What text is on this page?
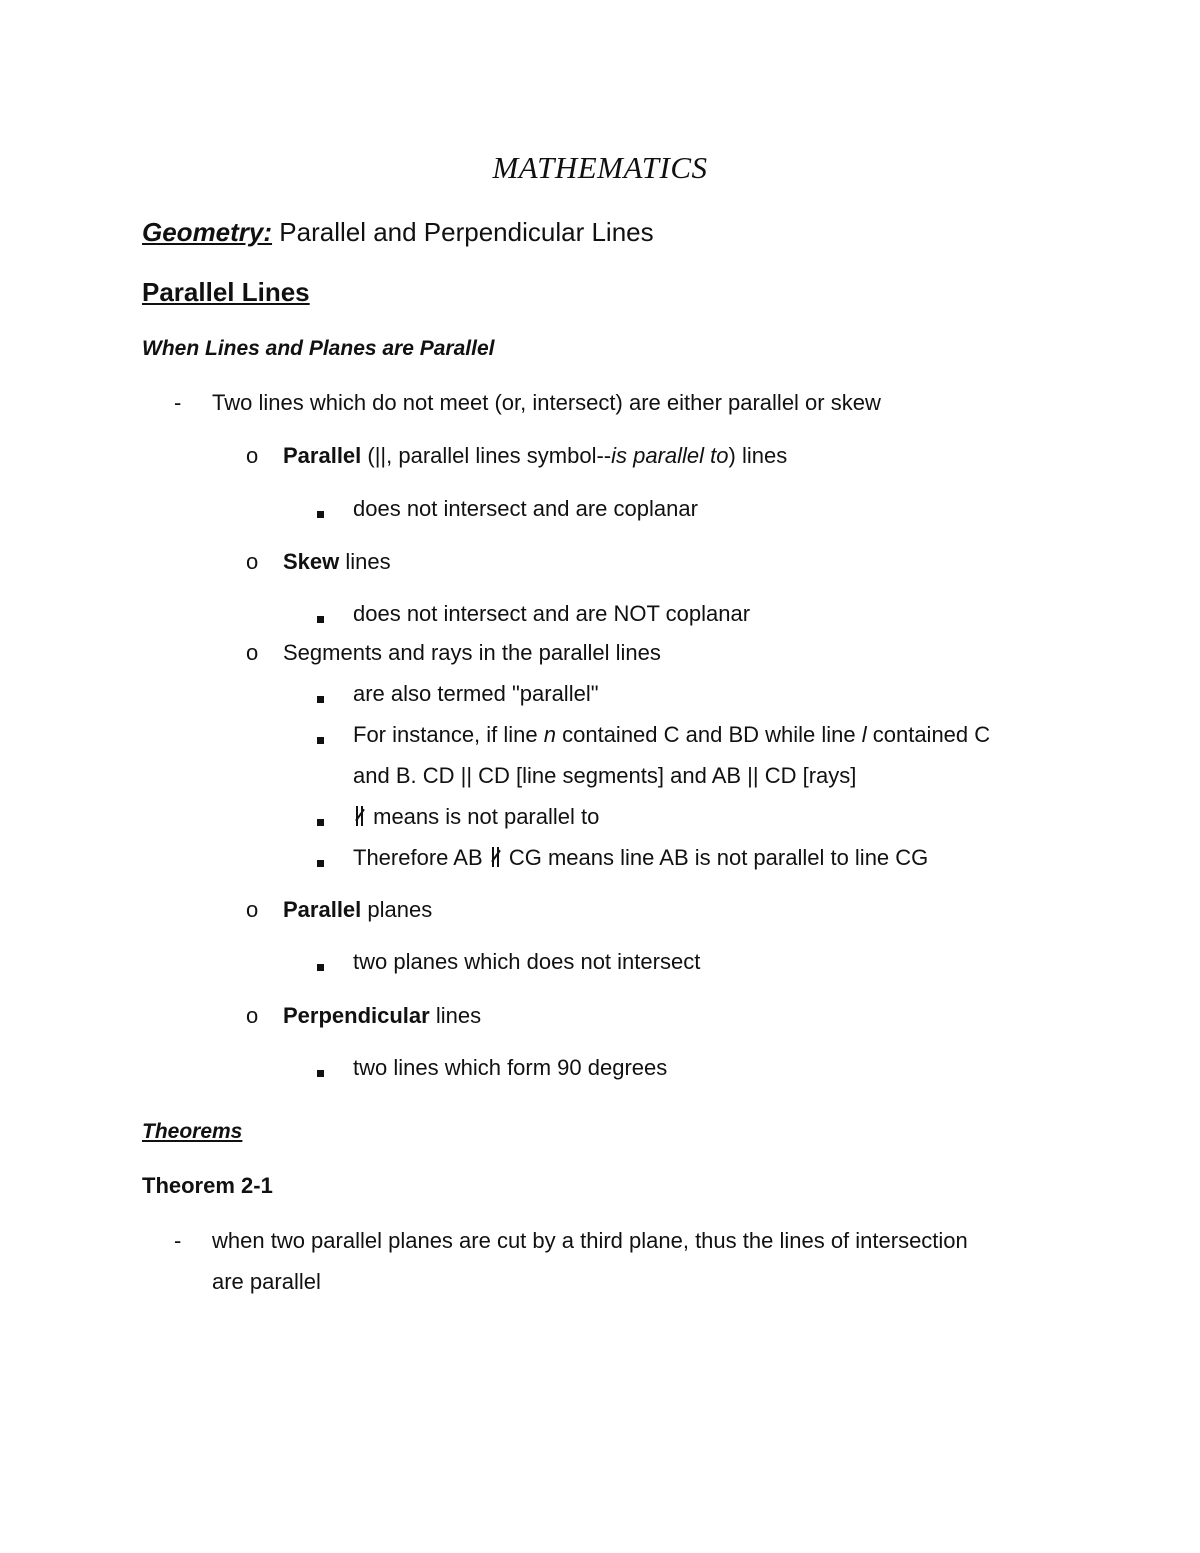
MATHEMATICS
Geometry: Parallel and Perpendicular Lines
Parallel Lines
When Lines and Planes are Parallel
- Two lines which do not meet (or, intersect) are either parallel or skew
o Parallel (||, parallel lines symbol--is parallel to) lines
does not intersect and are coplanar
o Skew lines
does not intersect and are NOT coplanar
o Segments and rays in the parallel lines
are also termed "parallel"
For instance, if line n contained C and BD while line l contained C
and B. CD || CD [line segments] and AB || CD [rays]
means is not parallel to
Therefore AB
CG means line AB is not parallel to line CG
o Parallel planes
two planes which does not intersect
o Perpendicular lines
two lines which form 90 degrees
Theorems
Theorem 2-1
- when two parallel planes are cut by a third plane, thus the lines of intersection
are parallel
